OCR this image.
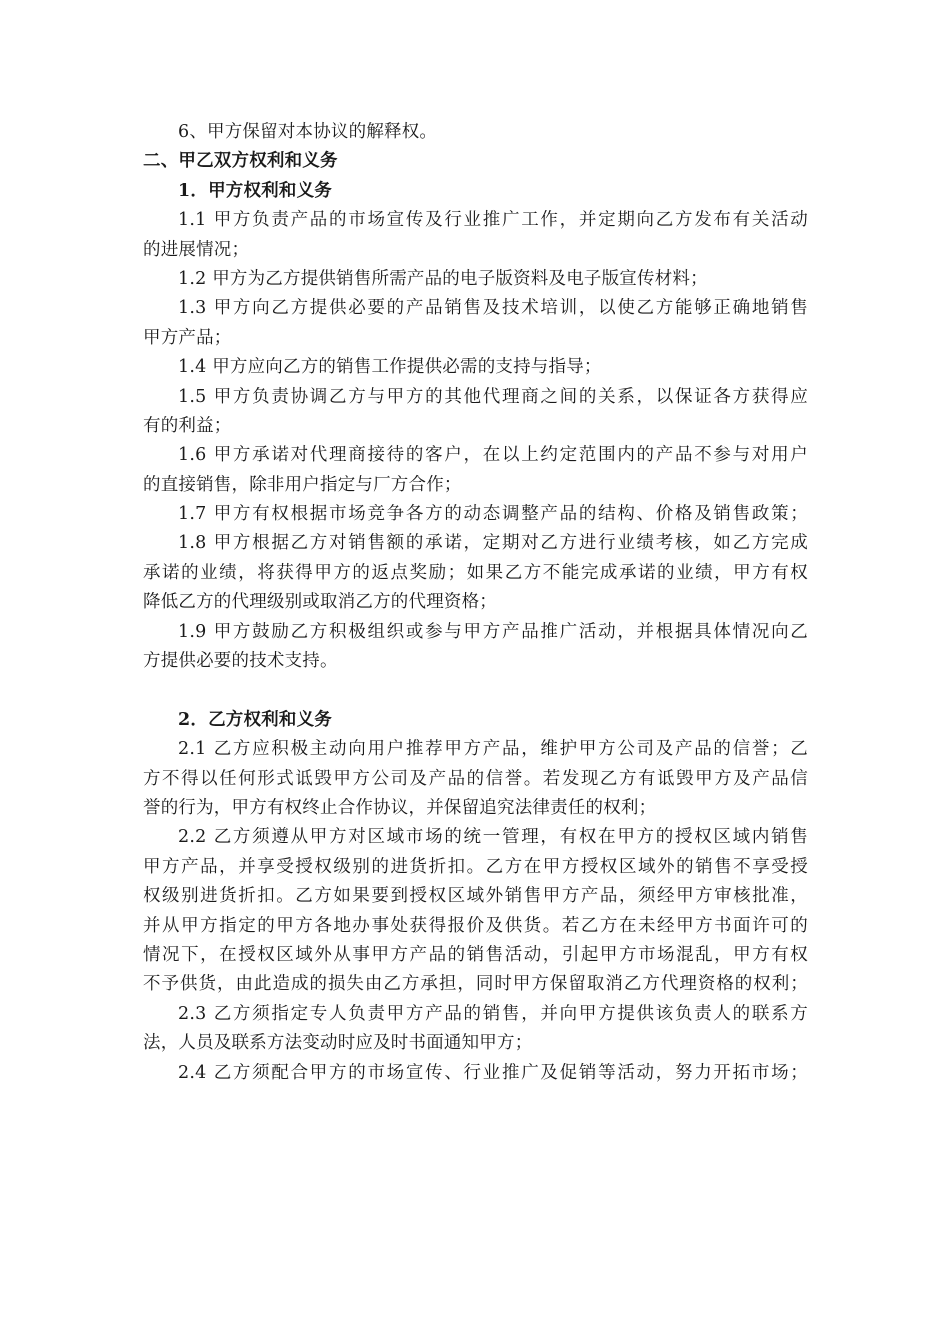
6、甲方保留对本协议的解释权。
二、甲乙双方权利和义务
1．甲方权利和义务
1.1 甲方负责产品的市场宣传及行业推广工作，并定期向乙方发布有关活动
的进展情况；
1.2 甲方为乙方提供销售所需产品的电子版资料及电子版宣传材料；
1.3 甲方向乙方提供必要的产品销售及技术培训，以使乙方能够正确地销售
甲方产品；
1.4 甲方应向乙方的销售工作提供必需的支持与指导；
1.5 甲方负责协调乙方与甲方的其他代理商之间的关系，以保证各方获得应
有的利益；
1.6 甲方承诺对代理商接待的客户，在以上约定范围内的产品不参与对用户
的直接销售，除非用户指定与厂方合作；
1.7 甲方有权根据市场竞争各方的动态调整产品的结构、价格及销售政策；
1.8 甲方根据乙方对销售额的承诺，定期对乙方进行业绩考核，如乙方完成
承诺的业绩，将获得甲方的返点奖励；如果乙方不能完成承诺的业绩，甲方有权
降低乙方的代理级别或取消乙方的代理资格；
1.9 甲方鼓励乙方积极组织或参与甲方产品推广活动，并根据具体情况向乙
方提供必要的技术支持。
2．乙方权利和义务
2.1 乙方应积极主动向用户推荐甲方产品，维护甲方公司及产品的信誉；乙
方不得以任何形式诋毁甲方公司及产品的信誉。若发现乙方有诋毁甲方及产品信
誉的行为，甲方有权终止合作协议，并保留追究法律责任的权利；
2.2 乙方须遵从甲方对区域市场的统一管理，有权在甲方的授权区域内销售
甲方产品，并享受授权级别的进货折扣。乙方在甲方授权区域外的销售不享受授
权级别进货折扣。乙方如果要到授权区域外销售甲方产品，须经甲方审核批准，
并从甲方指定的甲方各地办事处获得报价及供货。若乙方在未经甲方书面许可的
情况下，在授权区域外从事甲方产品的销售活动，引起甲方市场混乱，甲方有权
不予供货，由此造成的损失由乙方承担，同时甲方保留取消乙方代理资格的权利；
2.3 乙方须指定专人负责甲方产品的销售，并向甲方提供该负责人的联系方
法，人员及联系方法变动时应及时书面通知甲方；
2.4 乙方须配合甲方的市场宣传、行业推广及促销等活动，努力开拓市场；
